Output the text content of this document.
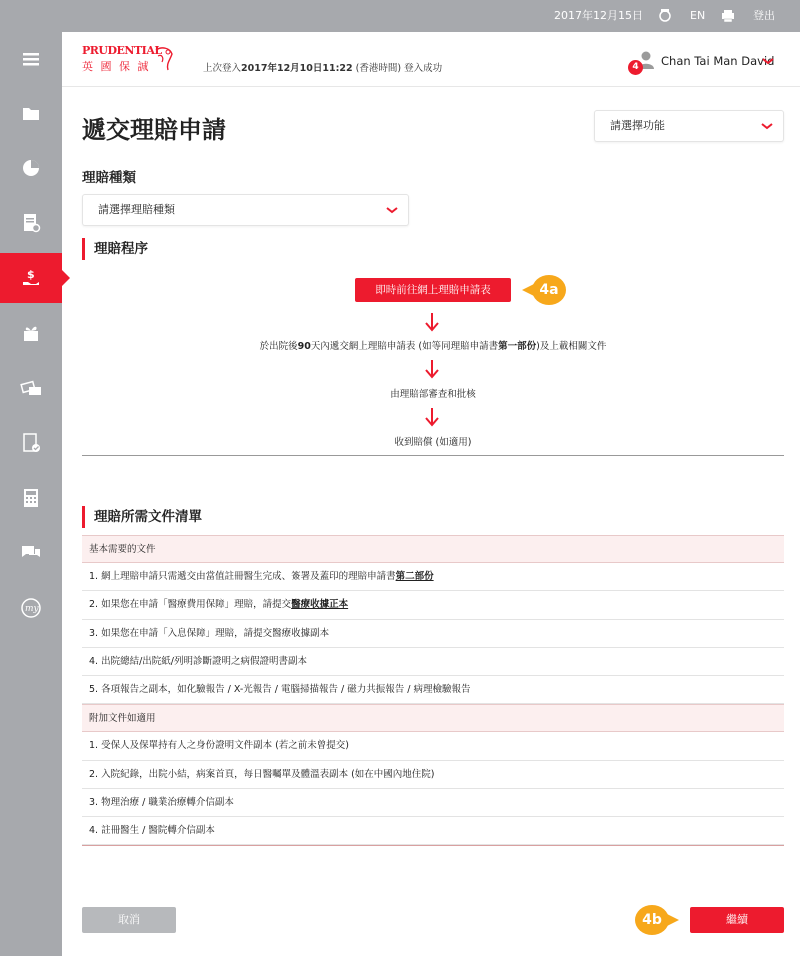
2017年12月15日	EN	登出
$
my
PRUDENTIAL
英 國 保 誠	上次登入2017年12月10日11:22 (香港時間) 登入成功	4	Chan Tai Man David
遞交理賠申請	請選擇功能
理賠種類
請選擇理賠種類
理賠程序
即時前往網上理賠申請表	4a
於出院後90天內遞交網上理賠申請表 (如等同理賠申請書第一部份)及上載相關文件
由理賠部審查和批核
收到賠償 (如適用)
理賠所需文件清單
基本需要的文件
1. 網上理賠申請只需遞交由當值註冊醫生完成、簽署及蓋印的理賠申請書第二部份
2. 如果您在申請「醫療費用保障」理賠，請提交醫療收據正本
3. 如果您在申請「入息保障」理賠，請提交醫療收據副本
4. 出院總結/出院紙/列明診斷證明之病假證明書副本
5. 各項報告之副本，如化驗報告 / X-光報告 / 電腦掃描報告 / 磁力共振報告 / 病理檢驗報告
附加文件如適用
1. 受保人及保單持有人之身份證明文件副本 (若之前未曾提交)
2. 入院紀錄，出院小結，病案首頁，每日醫囑單及體溫表副本 (如在中國內地住院)
3. 物理治療 / 職業治療轉介信副本
4. 註冊醫生 / 醫院轉介信副本
取消	4b	繼續
